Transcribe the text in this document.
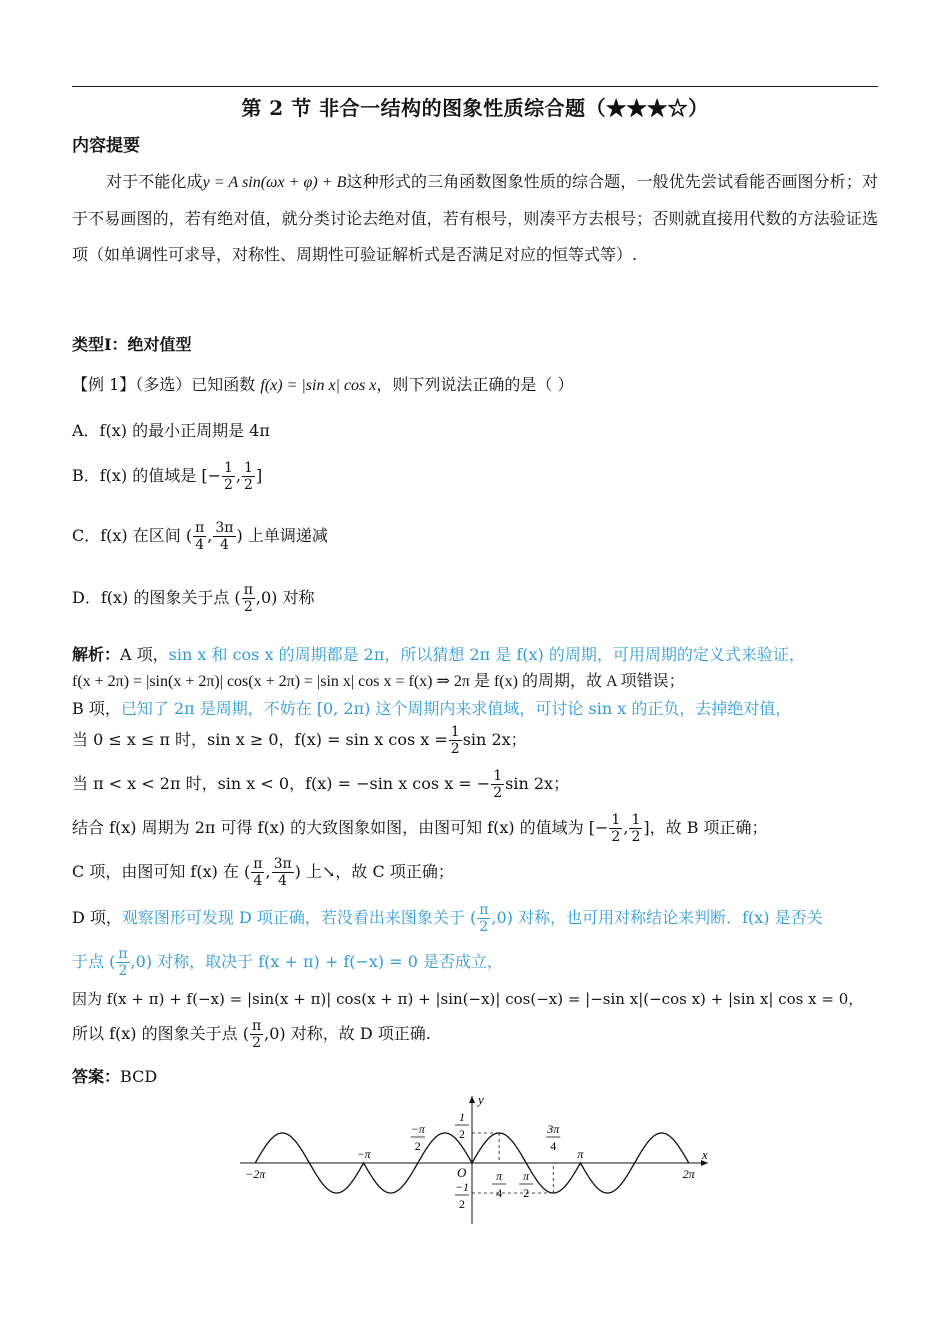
第 2 节 非合一结构的图象性质综合题（★★★☆）
内容提要
对于不能化成y = A sin(ωx + φ) + B这种形式的三角函数图象性质的综合题，一般优先尝试看能否画图分析；对于不易画图的，若有绝对值，就分类讨论去绝对值，若有根号，则凑平方去根号；否则就直接用代数的方法验证选项（如单调性可求导，对称性、周期性可验证解析式是否满足对应的恒等式等）.
类型Ⅰ：绝对值型
【例 1】（多选）已知函数 f(x) = |sin x| cos x，则下列说法正确的是（ ）
A．f(x) 的最小正周期是 4π
B．f(x) 的值域是 [− $\frac{1}{2}$ , $\frac{1}{2}$ ]
C．f(x) 在区间 ( $\frac{\pi}{4}$ , $\frac{3\pi}{4}$ ) 上单调递减
D．f(x) 的图象关于点 ( $\frac{\pi}{2} ,0$) 对称
解析：A 项，sin x 和 cos x 的周期都是 2π，所以猜想 2π 是 f(x) 的周期，可用周期的定义式来验证，
f(x + 2π) = |sin(x + 2π)| cos(x + 2π) = |sin x| cos x = f(x) ⇒ 2π 是 f(x) 的周期，故 A 项错误；
B 项，已知了 2π 是周期，不妨在 [0, 2π) 这个周期内来求值域，可讨论 sin x 的正负，去掉绝对值，
当 0 ≤ x ≤ π 时，sin x ≥ 0，f(x) = sin x $\cos x = \frac{1}{2}$ sin 2x；
当 π < x < 2π 时，sin x < 0，f(x) = −sin x cos x = − $\frac{1}{2}$ sin 2x；
结合 f(x) 周期为 2π 可得 f(x) 的大致图象如图，由图可知 f(x) 的值域为 [− $\frac{1}{2}$ , $\frac{1}{2}$ ]，故 B 项正确；
C 项，由图可知 f(x) 在 ( $\frac{\pi}{4}$ , $\frac{3\pi}{4}$ ) 上↘，故 C 项正确；
D 项，观察图形可发现 D 项正确，若没看出来图象关于 ( $\frac{\pi}{2} ,0$) 对称，也可用对称结论来判断．f(x) 是否关
于点 ( $\frac{\pi}{2} ,0$) 对称，取决于 f(x + π) + f(−x) = 0 是否成立，
因为 f(x + π) + f(−x) = |sin(x + π)| cos(x + π) + |sin(−x)| cos(−x) = |−sin x|(−cos x) + |sin x| cos x = 0，
所以 f(x) 的图象关于点 ( $\frac{\pi}{2} ,0$) 对称，故 D 项正确.
答案：BCD
x
y
O
−2π
−π
−π
2
π
4
π
2
3π
4
π
2π
1
2
−1
2
